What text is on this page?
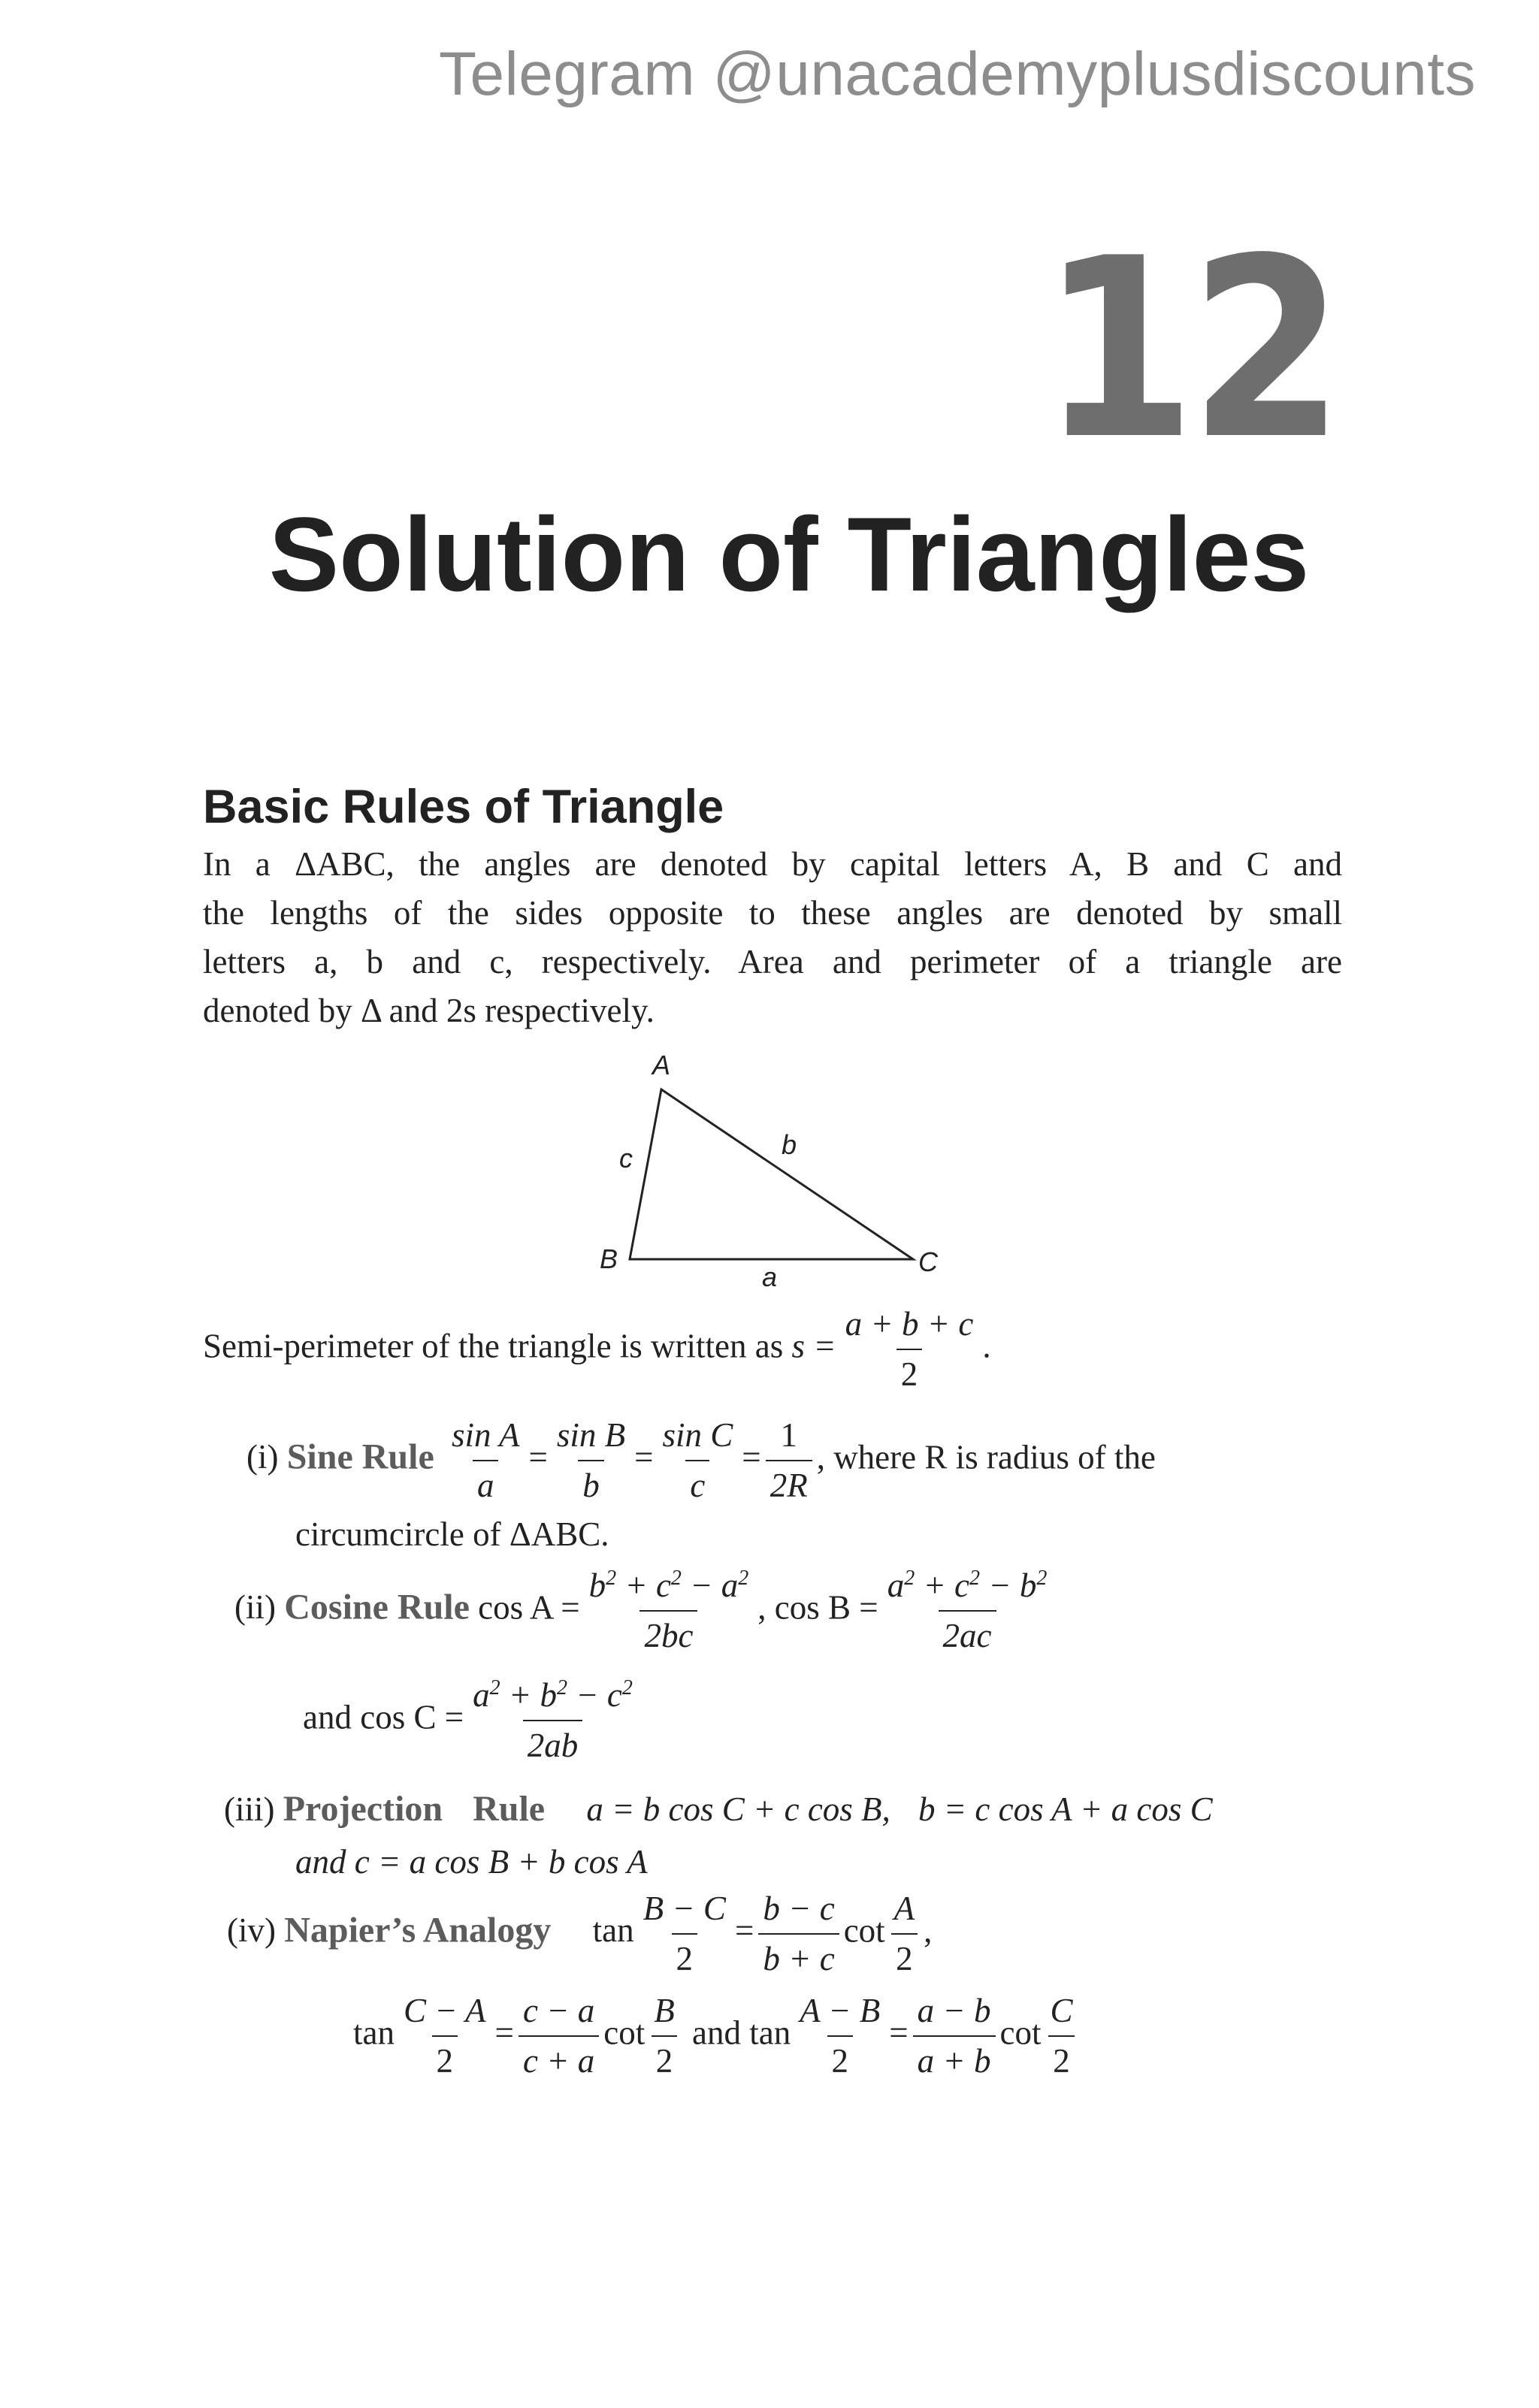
Telegram @unacademyplusdiscounts
12
Solution of Triangles
Basic Rules of Triangle
In a ΔABC, the angles are denoted by capital letters A, B and C and
the lengths of the sides opposite to these angles are denoted by small
letters a, b and c, respectively. Area and perimeter of a triangle are
denoted by Δ and 2s respectively.
A
B	C
a
b
c
Semi-perimeter of the triangle is written as $s = \frac{a + b + c}{2}$ .
(i) Sine Rule $\frac{\text{sin A}}{a} = \frac{\text{sin B}}{b} = \frac{\text{sin C}}{c} = \frac{1}{2R}$ , where R is radius of the
circumcircle of ΔABC.
(ii) Cosine Rule $\cos A = \frac{b^2 + c^2 - a^2}{2bc}$ , $\cos B = \frac{a^2 + c^2 - b^2}{2ac}$
and $\cos C = \frac{a^2 + b^2 - c^2}{2ab}$
(iii) Projection Rule a = b cos C + c cos B, b = c cos A + a cos C
and c = a cos B + b cos A
(iv) Napier’s Analogy $\tan \frac{B - C}{2} = \frac{b - c}{b + c}$ $\cot \frac{A}{2}$ ,
$\tan \frac{C - A}{2} = \frac{c - a}{c + a}$ $\cot \frac{B}{2}$ and $\tan \frac{A - B}{2} = \frac{a - b}{a + b}$ $\cot \frac{C}{2}$
